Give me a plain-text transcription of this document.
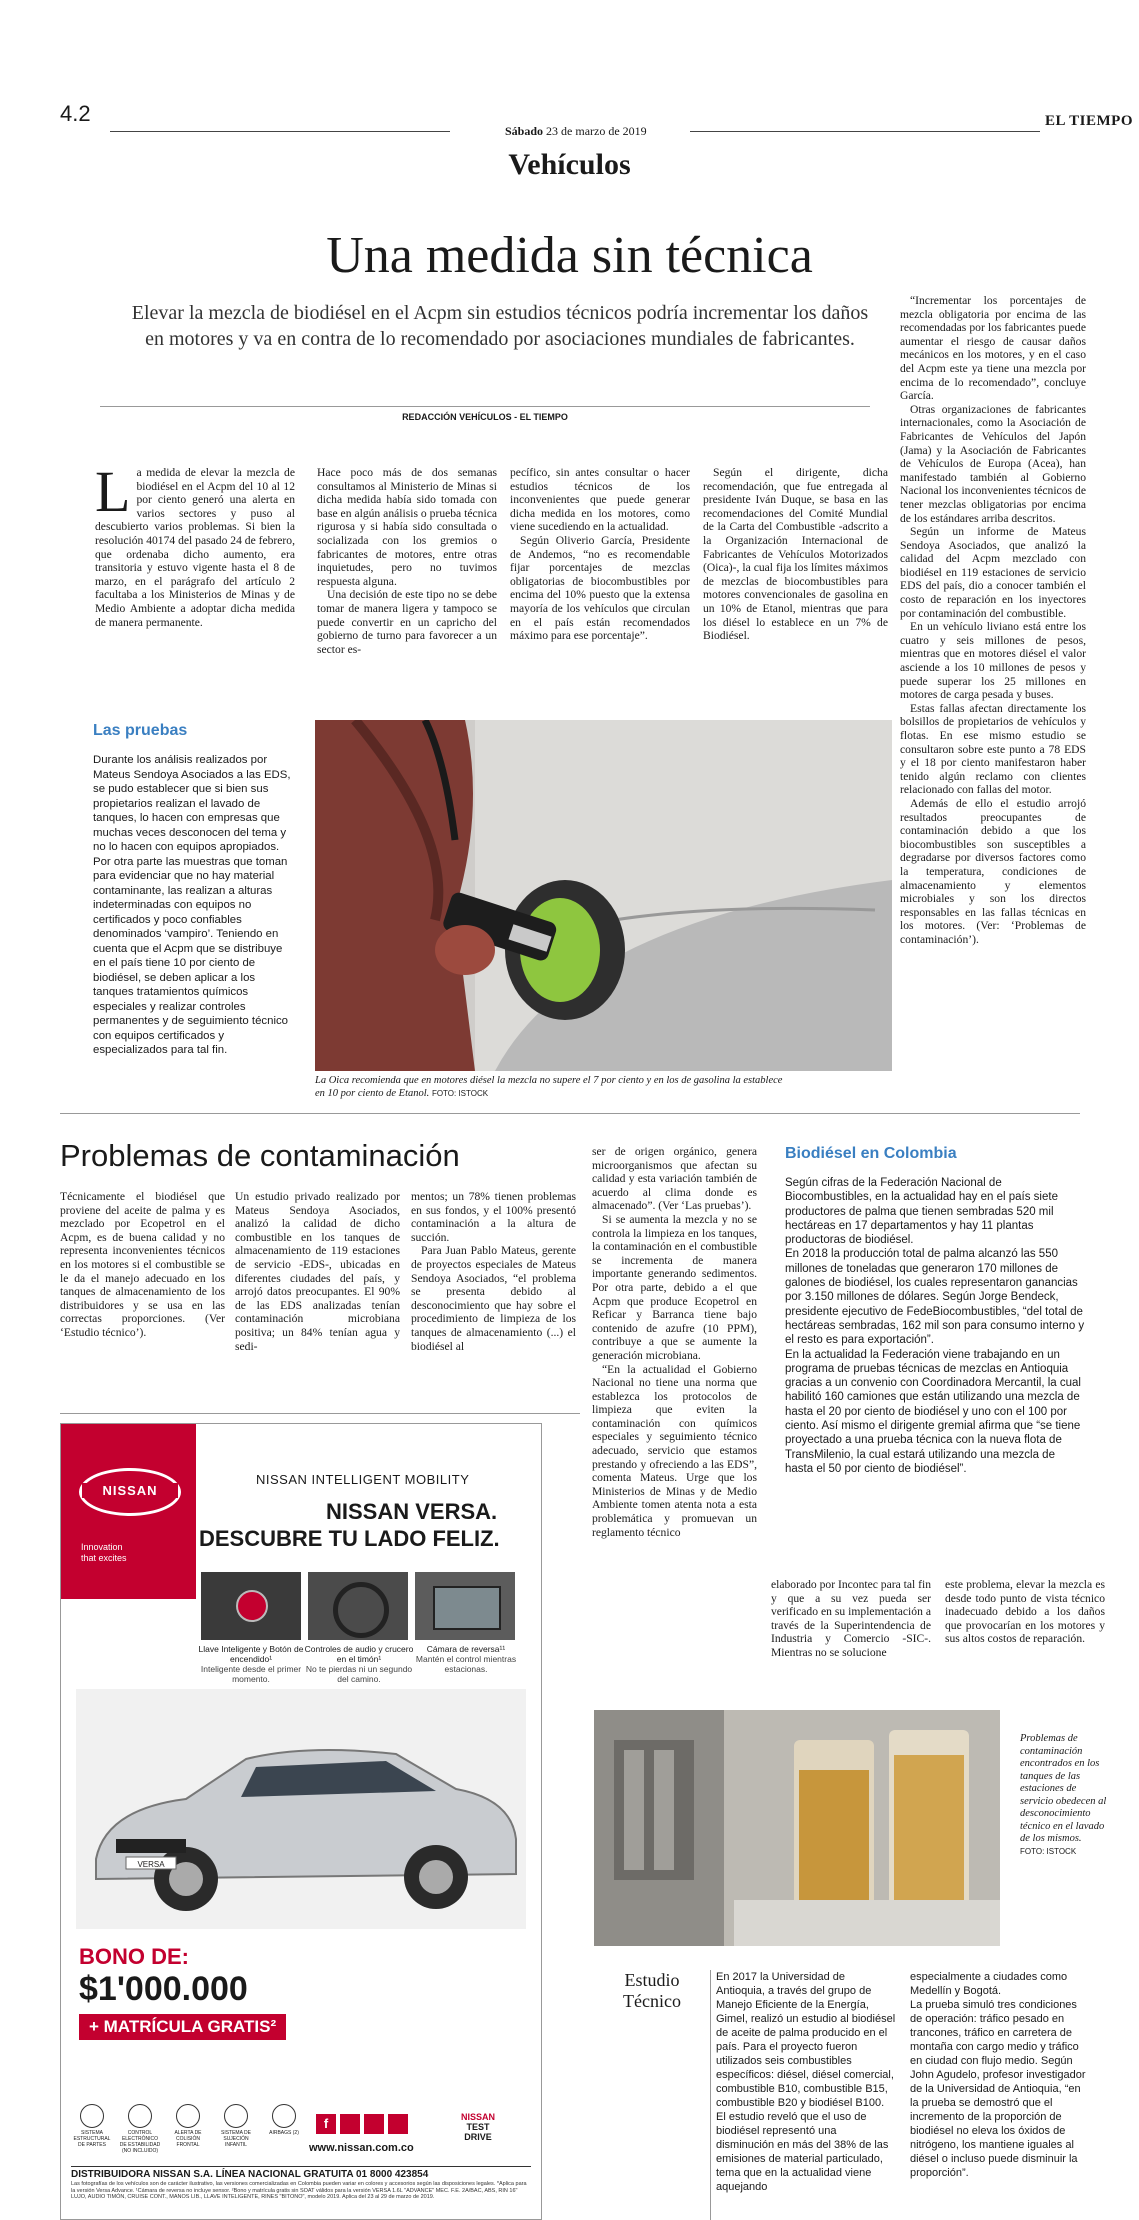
4.2
Sábado 23 de marzo de 2019
EL TIEMPO
Vehículos
Una medida sin técnica
Elevar la mezcla de biodiésel en el Acpm sin estudios técnicos podría incrementar los daños en motores y va en contra de lo recomendado por asociaciones mundiales de fabricantes.
REDACCIÓN VEHÍCULOS - EL TIEMPO
L a medida de elevar la mezcla de biodiésel en el Acpm del 10 al 12 por ciento generó una alerta en varios sectores y puso al descubierto varios problemas. Si bien la resolución 40174 del pasado 24 de febrero, que ordenaba dicho aumento, era transitoria y estuvo vigente hasta el 8 de marzo, en el parágrafo del artículo 2 facultaba a los Ministerios de Minas y de Medio Ambiente a adoptar dicha medida de manera permanente.

Hace poco más de dos semanas consultamos al Ministerio de Minas si dicha medida había sido tomada con base en algún análisis o prueba técnica rigurosa y si había sido consultada o socializada con los gremios o fabricantes de motores, entre otras inquietudes, pero no tuvimos respuesta alguna.

Una decisión de este tipo no se debe tomar de manera ligera y tampoco se puede convertir en un capricho del gobierno de turno para favorecer a un sector es-

pecífico, sin antes consultar o hacer estudios técnicos de los inconvenientes que puede generar dicha medida en los motores, como viene sucediendo en la actualidad.

Según Oliverio García, Presidente de Andemos, “no es recomendable fijar porcentajes de mezclas obligatorias de biocombustibles por encima del 10% puesto que la extensa mayoría de los vehículos que circulan en el país están recomendados máximo para ese porcentaje”.

Según el dirigente, dicha recomendación, que fue entregada al presidente Iván Duque, se basa en las recomendaciones del Comité Mundial de la Carta del Combustible -adscrito a la Organización Internacional de Fabricantes de Vehículos Motorizados (Oica)-, la cual fija los límites máximos de mezclas de biocombustibles para motores convencionales de gasolina en un 10% de Etanol, mientras que para los diésel lo establece en un 7% de Biodiésel.

“Incrementar los porcentajes de mezcla obligatoria por encima de las recomendadas por los fabricantes puede aumentar el riesgo de causar daños mecánicos en los motores, y en el caso del Acpm este ya tiene una mezcla por encima de lo recomendado”, concluye García.

Otras organizaciones de fabricantes internacionales, como la Asociación de Fabricantes de Vehículos del Japón (Jama) y la Asociación de Fabricantes de Vehículos de Europa (Acea), han manifestado también al Gobierno Nacional los inconvenientes técnicos de tener mezclas obligatorias por encima de los estándares arriba descritos.

Según un informe de Mateus Sendoya Asociados, que analizó la calidad del Acpm mezclado con biodiésel en 119 estaciones de servicio EDS del país, dio a conocer también el costo de reparación en los inyectores por contaminación del combustible.

En un vehículo liviano está entre los cuatro y seis millones de pesos, mientras que en motores diésel el valor asciende a los 10 millones de pesos y puede superar los 25 millones en motores de carga pesada y buses.

Estas fallas afectan directamente los bolsillos de propietarios de vehículos y flotas. En ese mismo estudio se consultaron sobre este punto a 78 EDS y el 18 por ciento manifestaron haber tenido algún reclamo con clientes relacionado con fallas del motor.

Además de ello el estudio arrojó resultados preocupantes de contaminación debido a que los biocombustibles son susceptibles a degradarse por diversos factores como la temperatura, condiciones de almacenamiento y elementos microbiales y son los directos responsables en las fallas técnicas en los motores. (Ver: ‘Problemas de contaminación’).

Las pruebas
Durante los análisis realizados por Mateus Sendoya Asociados a las EDS, se pudo establecer que si bien sus propietarios realizan el lavado de tanques, lo hacen con empresas que muchas veces desconocen del tema y no lo hacen con equipos apropiados. Por otra parte las muestras que toman para evidenciar que no hay material contaminante, las realizan a alturas indeterminadas con equipos no certificados y poco confiables denominados ‘vampiro’. Teniendo en cuenta que el Acpm que se distribuye en el país tiene 10 por ciento de biodiésel, se deben aplicar a los tanques tratamientos químicos especiales y realizar controles permanentes y de seguimiento técnico con equipos certificados y especializados para tal fin.
La Oica recomienda que en motores diésel la mezcla no supere el 7 por ciento y en los de gasolina la establece en 10 por ciento de Etanol. FOTO: ISTOCK
Problemas de contaminación
Técnicamente el biodiésel que proviene del aceite de palma y es mezclado por Ecopetrol en el Acpm, es de buena calidad y no representa inconvenientes técnicos en los motores si el combustible se le da el manejo adecuado en los tanques de almacenamiento de los distribuidores y se usa en las correctas proporciones. (Ver ‘Estudio técnico’).
Un estudio privado realizado por Mateus Sendoya Asociados, analizó la calidad de dicho combustible en los tanques de almacenamiento de 119 estaciones de servicio -EDS-, ubicadas en diferentes ciudades del país, y arrojó datos preocupantes. El 90% de las EDS analizadas tenían contaminación microbiana positiva; un 84% tenían agua y sedi-

mentos; un 78% tienen problemas en sus fondos, y el 100% presentó contaminación a la altura de succión.

Para Juan Pablo Mateus, gerente de proyectos especiales de Mateus Sendoya Asociados, “el problema se presenta debido al desconocimiento que hay sobre el procedimiento de limpieza de los tanques de almacenamiento (...) el biodiésel al

ser de origen orgánico, genera microorganismos que afectan su calidad y esta variación también de acuerdo al clima donde es almacenado”. (Ver ‘Las pruebas’).

Si se aumenta la mezcla y no se controla la limpieza en los tanques, la contaminación en el combustible se incrementa de manera importante generando sedimentos. Por otra parte, debido a el que Acpm que produce Ecopetrol en Reficar y Barranca tiene bajo contenido de azufre (10 PPM), contribuye a que se aumente la generación microbiana.

“En la actualidad el Gobierno Nacional no tiene una norma que establezca los protocolos de limpieza que eviten la contaminación con químicos especiales y seguimiento técnico adecuado, servicio que estamos prestando y ofreciendo a las EDS”, comenta Mateus. Urge que los Ministerios de Minas y de Medio Ambiente tomen atenta nota a esta problemática y promuevan un reglamento técnico

elaborado por Incontec para tal fin y que a su vez pueda ser verificado en su implementación a través de la Superintendencia de Industria y Comercio -SIC-. Mientras no se solucione
este problema, elevar la mezcla es desde todo punto de vista técnico inadecuado debido a los daños que provocarían en los motores y sus altos costos de reparación.
Biodiésel en Colombia

Según cifras de la Federación Nacional de Biocombustibles, en la actualidad hay en el país siete productores de palma que tienen sembradas 520 mil hectáreas en 17 departamentos y hay 11 plantas productoras de biodiésel.

En 2018 la producción total de palma alcanzó las 550 millones de toneladas que generaron 170 millones de galones de biodiésel, los cuales representaron ganancias por 3.150 millones de dólares. Según Jorge Bendeck, presidente ejecutivo de FedeBiocombustibles, “del total de hectáreas sembradas, 162 mil son para consumo interno y el resto es para exportación”.

En la actualidad la Federación viene trabajando en un programa de pruebas técnicas de mezclas en Antioquia gracias a un convenio con Coordinadora Mercantil, la cual habilitó 160 camiones que están utilizando una mezcla de hasta el 20 por ciento de biodiésel y uno con el 100 por ciento. Así mismo el dirigente gremial afirma que “se tiene proyectado a una prueba técnica con la nueva flota de TransMilenio, la cual estará utilizando una mezcla de hasta el 50 por ciento de biodiésel”.

Problemas de contaminación encontrados en los tanques de las estaciones de servicio obedecen al desconocimiento técnico en el lavado de los mismos.
FOTO: ISTOCK
Estudio
Técnico
En 2017 la Universidad de Antioquia, a través del grupo de Manejo Eficiente de la Energía, Gimel, realizó un estudio al biodiésel de aceite de palma producido en el país. Para el proyecto fueron utilizados seis combustibles específicos: diésel, diésel comercial, combustible B10, combustible B15, combustible B20 y biodiésel B100. El estudio reveló que el uso de biodiésel representó una disminución en más del 38% de las emisiones de material particulado, tema que en la actualidad viene aquejando

especialmente a ciudades como Medellín y Bogotá.

La prueba simuló tres condiciones de operación: tráfico pesado en trancones, tráfico en carretera de montaña con cargo medio y tráfico en ciudad con flujo medio. Según John Agudelo, profesor investigador de la Universidad de Antioquia, “en la prueba se demostró que el incremento de la proporción de biodiésel no eleva los óxidos de nitrógeno, los mantiene iguales al diésel o incluso puede disminuir la proporción”.

NISSAN
Innovation
that excites
NISSAN INTELLIGENT MOBILITY
NISSAN VERSA.
DESCUBRE TU LADO FELIZ.
Llave Inteligente y Botón de encendido¹
Inteligente desde el primer momento.
Controles de audio y crucero en el timón¹
No te pierdas ni un segundo del camino.
Cámara de reversa¹¹
Mantén el control mientras estacionas.
VERSA
BONO DE:
$1'000.000
+ MATRÍCULA GRATIS²
SISTEMA ESTRUCTURAL DE PARTES
CONTROL ELECTRÓNICO DE ESTABILIDAD (NO INCLUIDO)
ALERTA DE COLISIÓN FRONTAL
SISTEMA DE SUJECIÓN INFANTIL
AIRBAGS (2)
f
www.nissan.com.co
NISSAN
TEST
DRIVE
DISTRIBUIDORA NISSAN S.A. LÍNEA NACIONAL GRATUITA 01 8000 423854
Las fotografías de los vehículos son de carácter ilustrativo, las versiones comercializadas en Colombia pueden variar en colores y accesorios según las disposiciones legales. *Aplica para la versión Versa Advance. ¹Cámara de reversa no incluye sensor. ²Bono y matrícula gratis sin SOAT válidos para la versión VERSA 1.6L "ADVANCE" MEC. F.E. 2A/BAC, ABS, RIN 16" LUJO, AUDIO TIMÓN, CRUISE CONT., MANOS LIB., LLAVE INTELIGENTE, RINES "BITONO", modelo 2019. Aplica del 23 al 29 de marzo de 2019.
